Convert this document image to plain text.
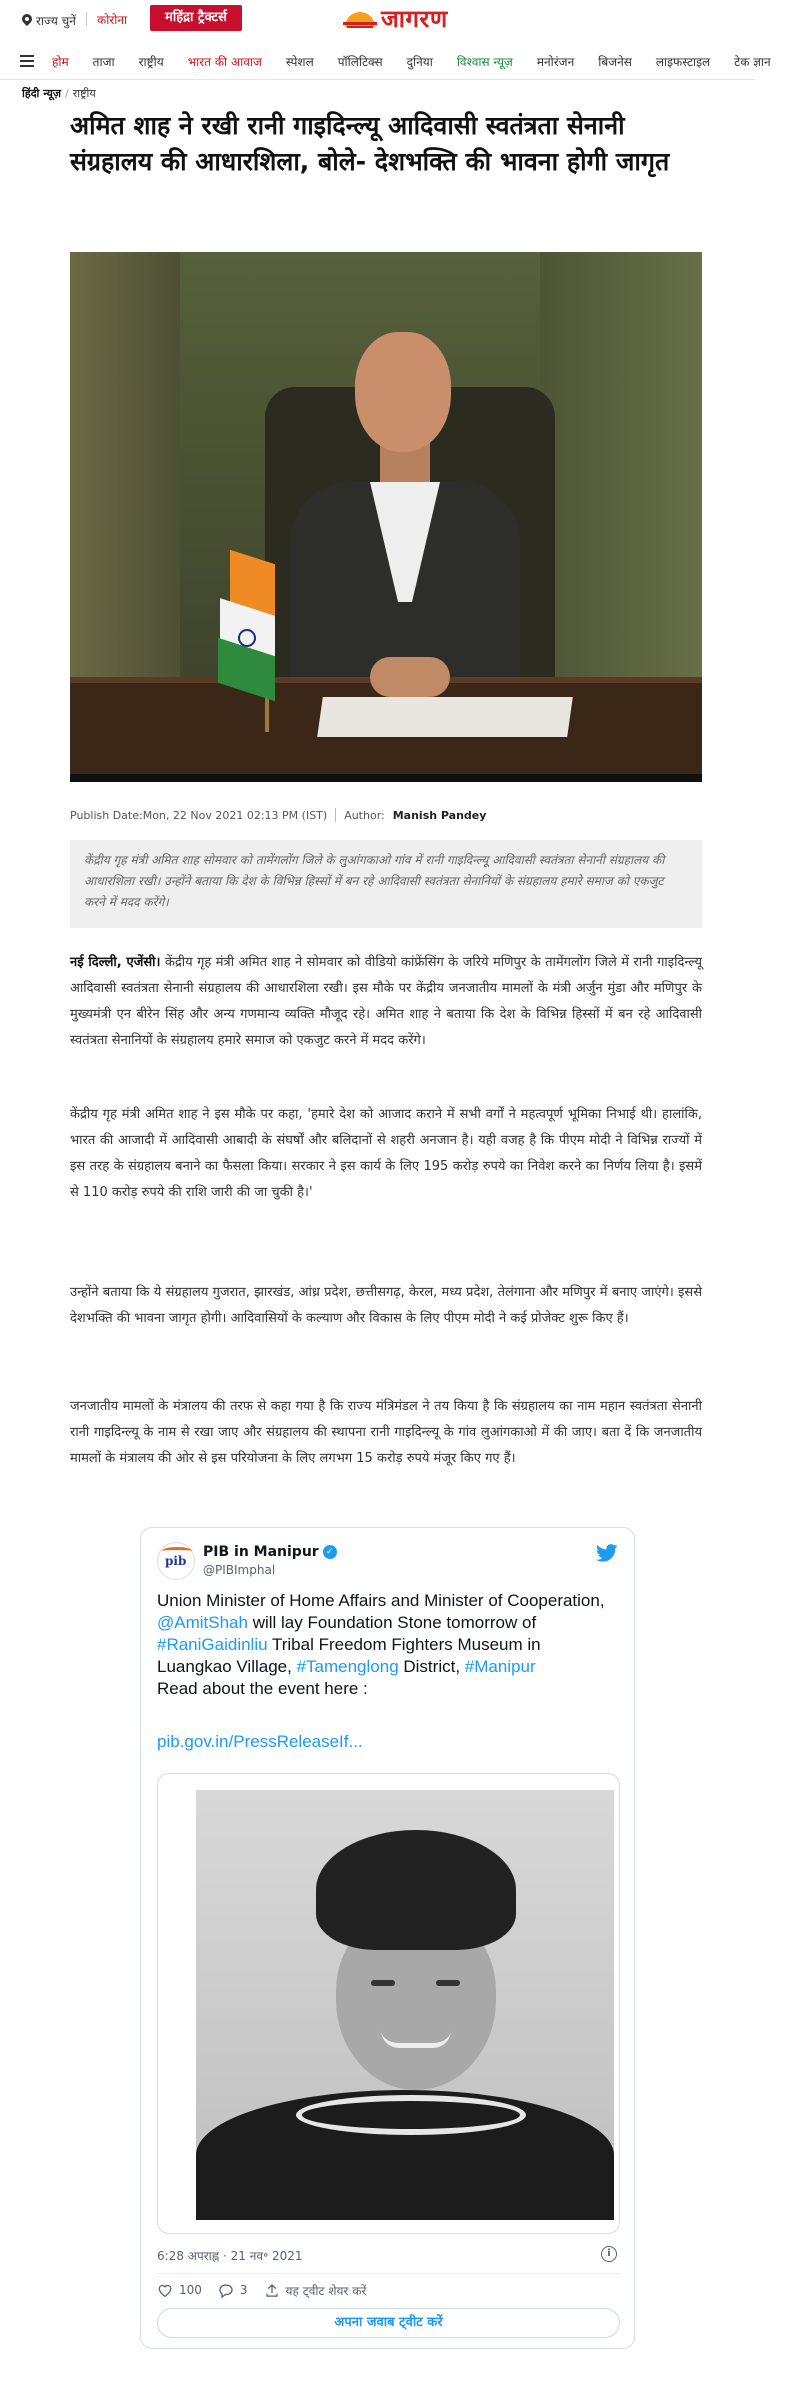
राज्य चुनें कोरोना	महिंद्रा ट्रैक्टर्स	जागरण
होम ताजा राष्ट्रीय भारत की आवाज स्पेशल पॉलिटिक्स दुनिया विश्वास न्यूज़ मनोरंजन बिजनेस लाइफस्टाइल टेक ज्ञान
हिंदी न्यूज़ / राष्ट्रीय
अमित शाह ने रखी रानी गाइदिन्ल्यू आदिवासी स्वतंत्रता सेनानी संग्रहालय की आधारशिला, बोले- देशभक्ति की भावना होगी जागृत
Publish Date:Mon, 22 Nov 2021 02:13 PM (IST) Author: Manish Pandey
केंद्रीय गृह मंत्री अमित शाह सोमवार को तामेंगलोंग जिले के लुआंगकाओ गांव में रानी गाइदिन्ल्यू आदिवासी स्वतंत्रता सेनानी संग्रहालय की आधारशिला रखी। उन्होंने बताया कि देश के विभिन्न हिस्सों में बन रहे आदिवासी स्वतंत्रता सेनानियों के संग्रहालय हमारे समाज को एकजुट करने में मदद करेंगे।

नई दिल्ली, एजेंसी। केंद्रीय गृह मंत्री अमित शाह ने सोमवार को वीडियो कांफ्रेंसिंग के जरिये मणिपुर के तामेंगलोंग जिले में रानी गाइदिन्ल्यू आदिवासी स्वतंत्रता सेनानी संग्रहालय की आधारशिला रखी। इस मौके पर केंद्रीय जनजातीय मामलों के मंत्री अर्जुन मुंडा और मणिपुर के मुख्यमंत्री एन बीरेन सिंह और अन्य गणमान्य व्यक्ति मौजूद रहे। अमित शाह ने बताया कि देश के विभिन्न हिस्सों में बन रहे आदिवासी स्वतंत्रता सेनानियों के संग्रहालय हमारे समाज को एकजुट करने में मदद करेंगे।

केंद्रीय गृह मंत्री अमित शाह ने इस मौके पर कहा, 'हमारे देश को आजाद कराने में सभी वर्गों ने महत्वपूर्ण भूमिका निभाई थी। हालांकि, भारत की आजादी में आदिवासी आबादी के संघर्षों और बलिदानों से शहरी अनजान है। यही वजह है कि पीएम मोदी ने विभिन्न राज्यों में इस तरह के संग्रहालय बनाने का फैसला किया। सरकार ने इस कार्य के लिए 195 करोड़ रुपये का निवेश करने का निर्णय लिया है। इसमें से 110 करोड़ रुपये की राशि जारी की जा चुकी है।'

उन्होंने बताया कि ये संग्रहालय गुजरात, झारखंड, आंध्र प्रदेश, छत्तीसगढ़, केरल, मध्य प्रदेश, तेलंगाना और मणिपुर में बनाए जाएंगे। इससे देशभक्ति की भावना जागृत होगी। आदिवासियों के कल्याण और विकास के लिए पीएम मोदी ने कई प्रोजेक्ट शुरू किए हैं।

जनजातीय मामलों के मंत्रालय की तरफ से कहा गया है कि राज्य मंत्रिमंडल ने तय किया है कि संग्रहालय का नाम महान स्वतंत्रता सेनानी रानी गाइदिन्ल्यू के नाम से रखा जाए और संग्रहालय की स्थापना रानी गाइदिन्ल्यू के गांव लुआंगकाओ में की जाए। बता दें कि जनजातीय मामलों के मंत्रालय की ओर से इस परियोजना के लिए लगभग 15 करोड़ रुपये मंजूर किए गए हैं।

pib
PIB in Manipur ✓
@PIBImphal
Union Minister of Home Affairs and Minister of Cooperation, @AmitShah will lay Foundation Stone tomorrow of #RaniGaidinliu Tribal Freedom Fighters Museum in Luangkao Village, #Tamenglong District, #Manipur
Read about the event here :
pib.gov.in/PressReleaseIf...
6:28 अपराह्न · 21 नव॰ 2021	i
100	3	यह ट्वीट शेयर करें
अपना जवाब ट्वीट करें
